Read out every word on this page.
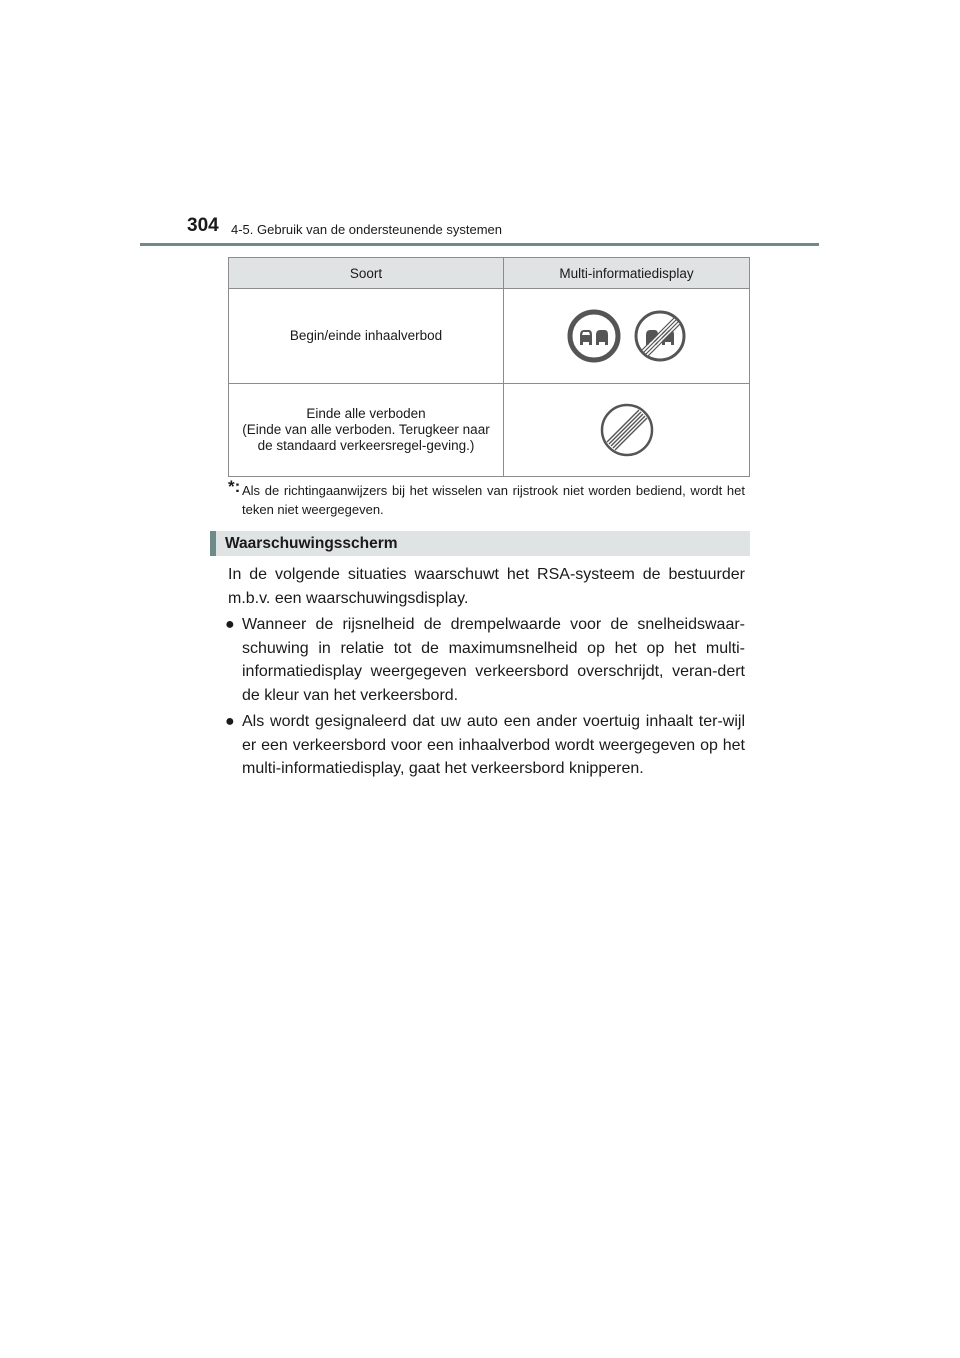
304 4-5. Gebruik van de ondersteunende systemen
Soort	Multi-informatiedisplay
Begin/einde inhaalverbod	

Einde alle verboden
(Einde van alle verboden. Terugkeer naar de standaard verkeersregel-geving.)	
*: Als de richtingaanwijzers bij het wisselen van rijstrook niet worden bediend, wordt het teken niet weergegeven.
Waarschuwingsscherm

In de volgende situaties waarschuwt het RSA-systeem de bestuurder m.b.v. een waarschuwingsdisplay.

● Wanneer de rijsnelheid de drempelwaarde voor de snelheidswaar-schuwing in relatie tot de maximumsnelheid op het op het multi-informatiedisplay weergegeven verkeersbord overschrijdt, veran-dert de kleur van het verkeersbord.
● Als wordt gesignaleerd dat uw auto een ander voertuig inhaalt ter-wijl er een verkeersbord voor een inhaalverbod wordt weergegeven op het multi-informatiedisplay, gaat het verkeersbord knipperen.
